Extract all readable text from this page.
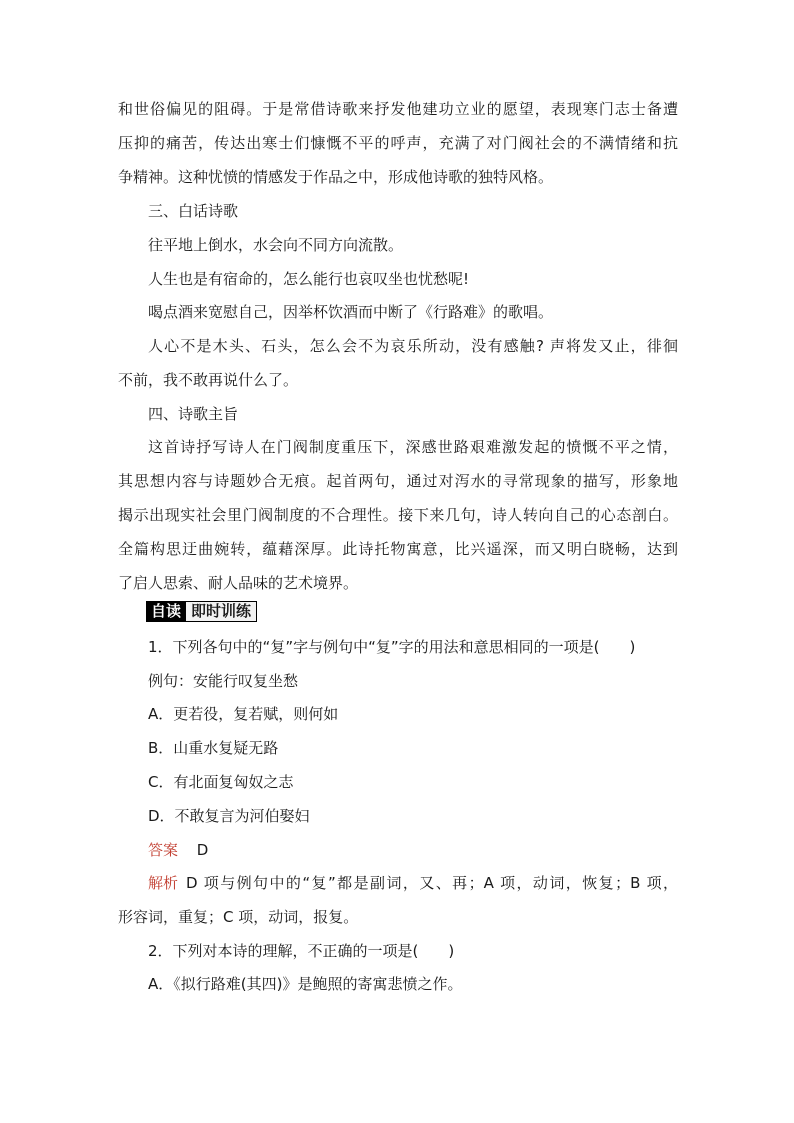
和世俗偏见的阻碍。于是常借诗歌来抒发他建功立业的愿望，表现寒门志士备遭
压抑的痛苦，传达出寒士们慷慨不平的呼声，充满了对门阀社会的不满情绪和抗
争精神。这种忧愤的情感发于作品之中，形成他诗歌的独特风格。
三、白话诗歌
往平地上倒水，水会向不同方向流散。
人生也是有宿命的，怎么能行也哀叹坐也忧愁呢!
喝点酒来宽慰自己，因举杯饮酒而中断了《行路难》的歌唱。
人心不是木头、石头，怎么会不为哀乐所动，没有感触? 声将发又止，徘徊
不前，我不敢再说什么了。
四、诗歌主旨
这首诗抒写诗人在门阀制度重压下，深感世路艰难激发起的愤慨不平之情，
其思想内容与诗题妙合无痕。起首两句，通过对泻水的寻常现象的描写，形象地
揭示出现实社会里门阀制度的不合理性。接下来几句，诗人转向自己的心态剖白。
全篇构思迂曲婉转，蕴藉深厚。此诗托物寓意，比兴遥深，而又明白晓畅，达到
了启人思索、耐人品味的艺术境界。
自读 即时训练
1．下列各句中的“复”字与例句中“复”字的用法和意思相同的一项是(　　)
例句：安能行叹复坐愁
A．更若役，复若赋，则何如
B．山重水复疑无路
C．有北面复匈奴之志
D．不敢复言为河伯娶妇
答案 D
解析 D 项与例句中的“复”都是副词，又、再；A 项，动词，恢复；B 项，
形容词，重复；C 项，动词，报复。
2．下列对本诗的理解，不正确的一项是(　　)
A．《拟行路难(其四)》是鲍照的寄寓悲愤之作。
